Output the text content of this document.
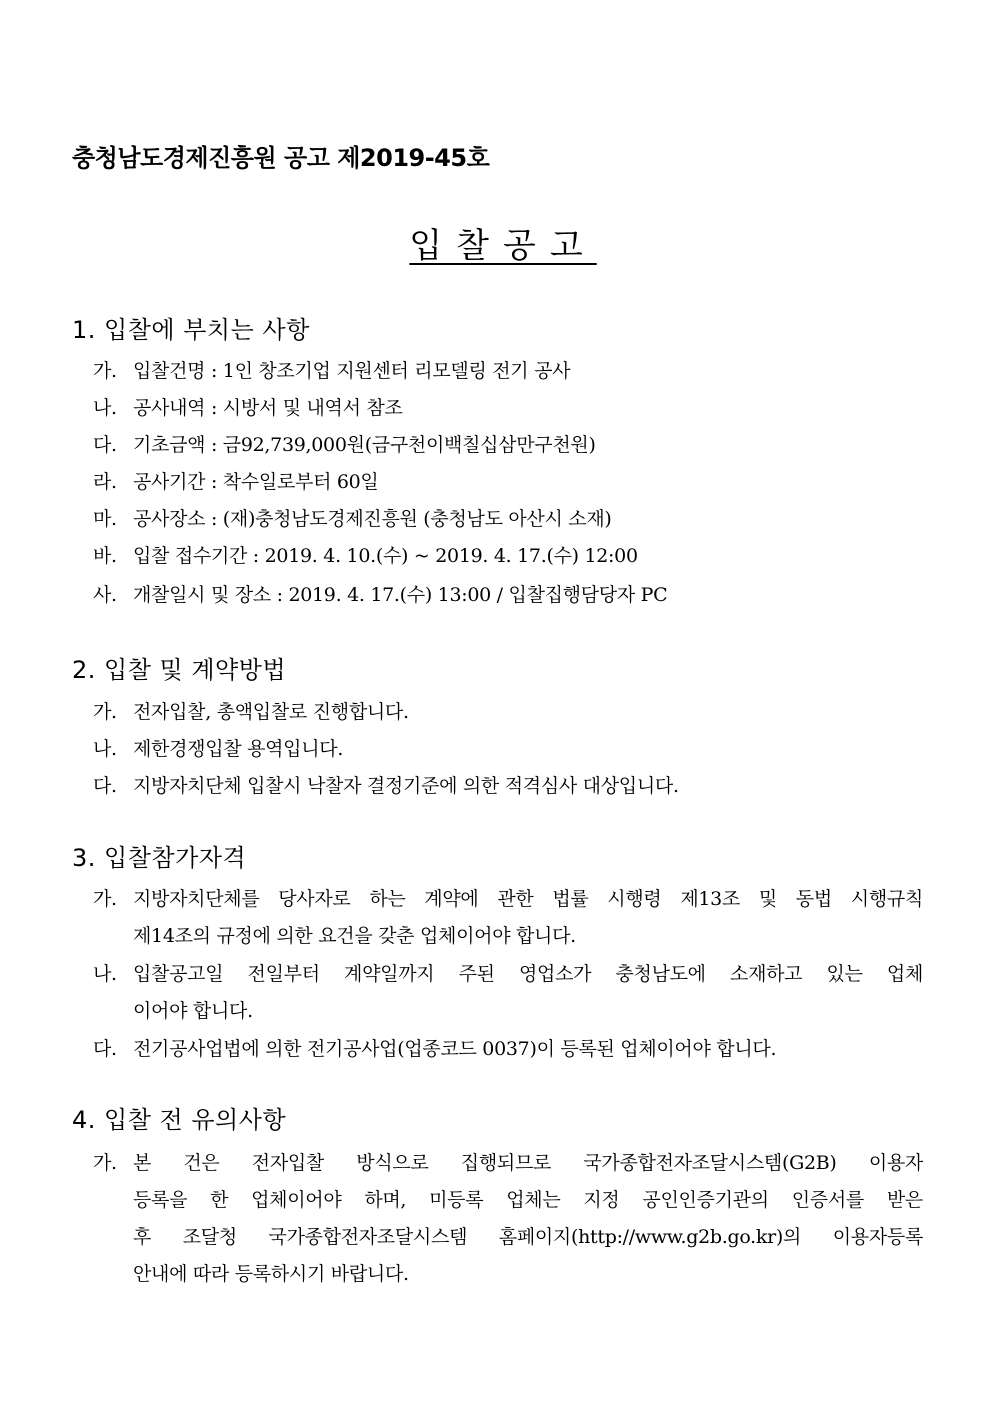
충청남도경제진흥원 공고 제2019-45호
입찰공고
1. 입찰에 부치는 사항
가. 입찰건명 : 1인 창조기업 지원센터 리모델링 전기 공사
나. 공사내역 : 시방서 및 내역서 참조
다. 기초금액 : 금92,739,000원(금구천이백칠십삼만구천원)
라. 공사기간 : 착수일로부터 60일
마. 공사장소 : (재)충청남도경제진흥원 (충청남도 아산시 소재)
바. 입찰 접수기간 : 2019. 4. 10.(수) ~ 2019. 4. 17.(수) 12:00
사. 개찰일시 및 장소 : 2019. 4. 17.(수) 13:00 / 입찰집행담당자 PC
2. 입찰 및 계약방법
가. 전자입찰, 총액입찰로 진행합니다.
나. 제한경쟁입찰 용역입니다.
다. 지방자치단체 입찰시 낙찰자 결정기준에 의한 적격심사 대상입니다.
3. 입찰참가자격
가. 지방자치단체를 당사자로 하는 계약에 관한 법률 시행령 제13조 및 동법 시행규칙
제14조의 규정에 의한 요건을 갖춘 업체이어야 합니다.
나. 입찰공고일 전일부터 계약일까지 주된 영업소가 충청남도에 소재하고 있는 업체
이어야 합니다.
다. 전기공사업법에 의한 전기공사업(업종코드 0037)이 등록된 업체이어야 합니다.
4. 입찰 전 유의사항
가. 본 건은 전자입찰 방식으로 집행되므로 국가종합전자조달시스템(G2B) 이용자
등록을 한 업체이어야 하며, 미등록 업체는 지정 공인인증기관의 인증서를 받은
후 조달청 국가종합전자조달시스템 홈페이지(http://www.g2b.go.kr)의 이용자등록
안내에 따라 등록하시기 바랍니다.
